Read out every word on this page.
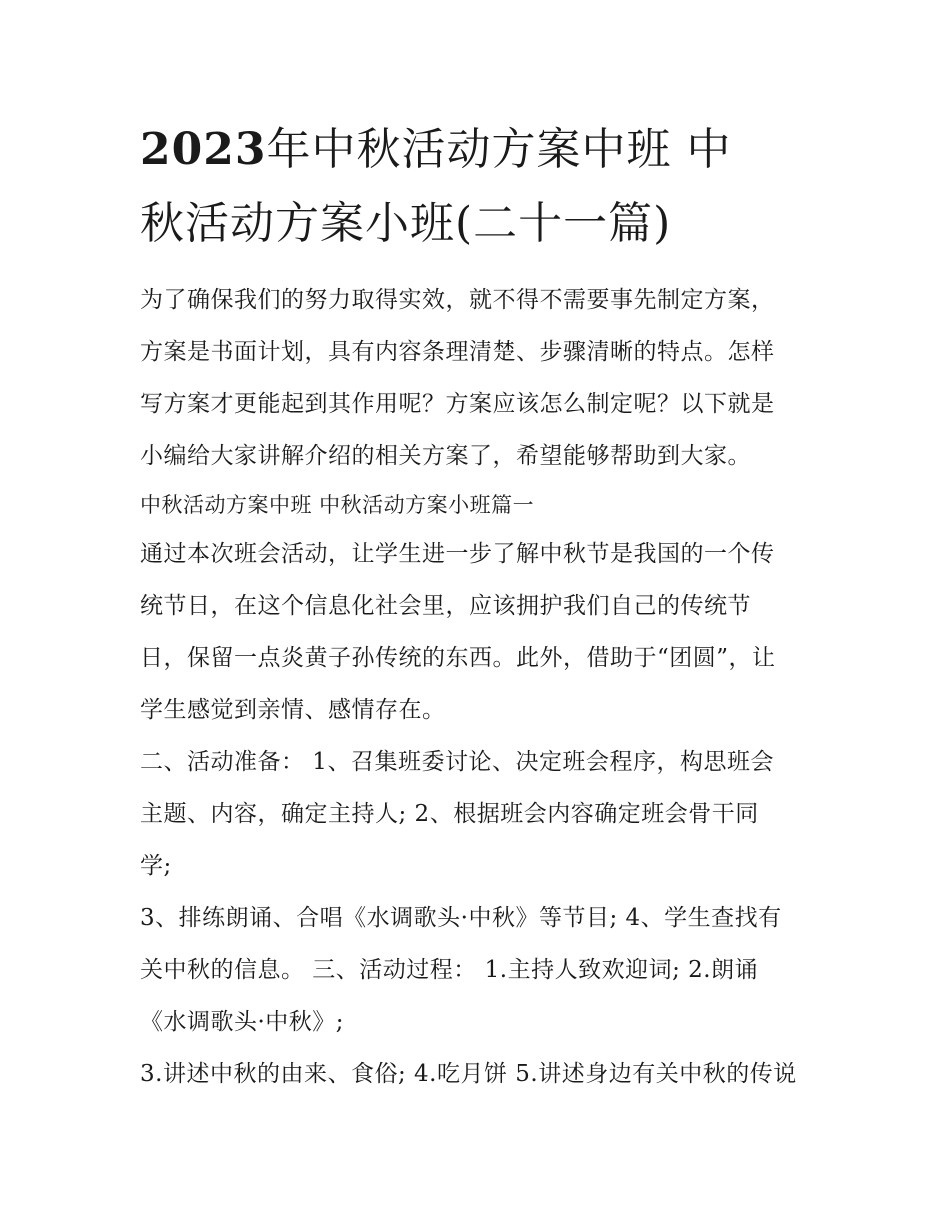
2023年中秋活动方案中班 中
秋活动方案小班(二十一篇)
为了确保我们的努力取得实效，就不得不需要事先制定方案，
方案是书面计划，具有内容条理清楚、步骤清晰的特点。怎样
写方案才更能起到其作用呢？方案应该怎么制定呢？以下就是
小编给大家讲解介绍的相关方案了，希望能够帮助到大家。
中秋活动方案中班 中秋活动方案小班篇一
通过本次班会活动，让学生进一步了解中秋节是我国的一个传
统节日，在这个信息化社会里，应该拥护我们自己的传统节
日，保留一点炎黄子孙传统的东西。此外，借助于“团圆”，让
学生感觉到亲情、感情存在。
二、活动准备： 1、召集班委讨论、决定班会程序，构思班会
主题、内容，确定主持人; 2、根据班会内容确定班会骨干同
学;
3、排练朗诵、合唱《水调歌头·中秋》等节目; 4、学生查找有
关中秋的信息。 三、活动过程： 1.主持人致欢迎词; 2.朗诵
《水调歌头·中秋》;
3.讲述中秋的由来、食俗; 4.吃月饼 5.讲述身边有关中秋的传说
